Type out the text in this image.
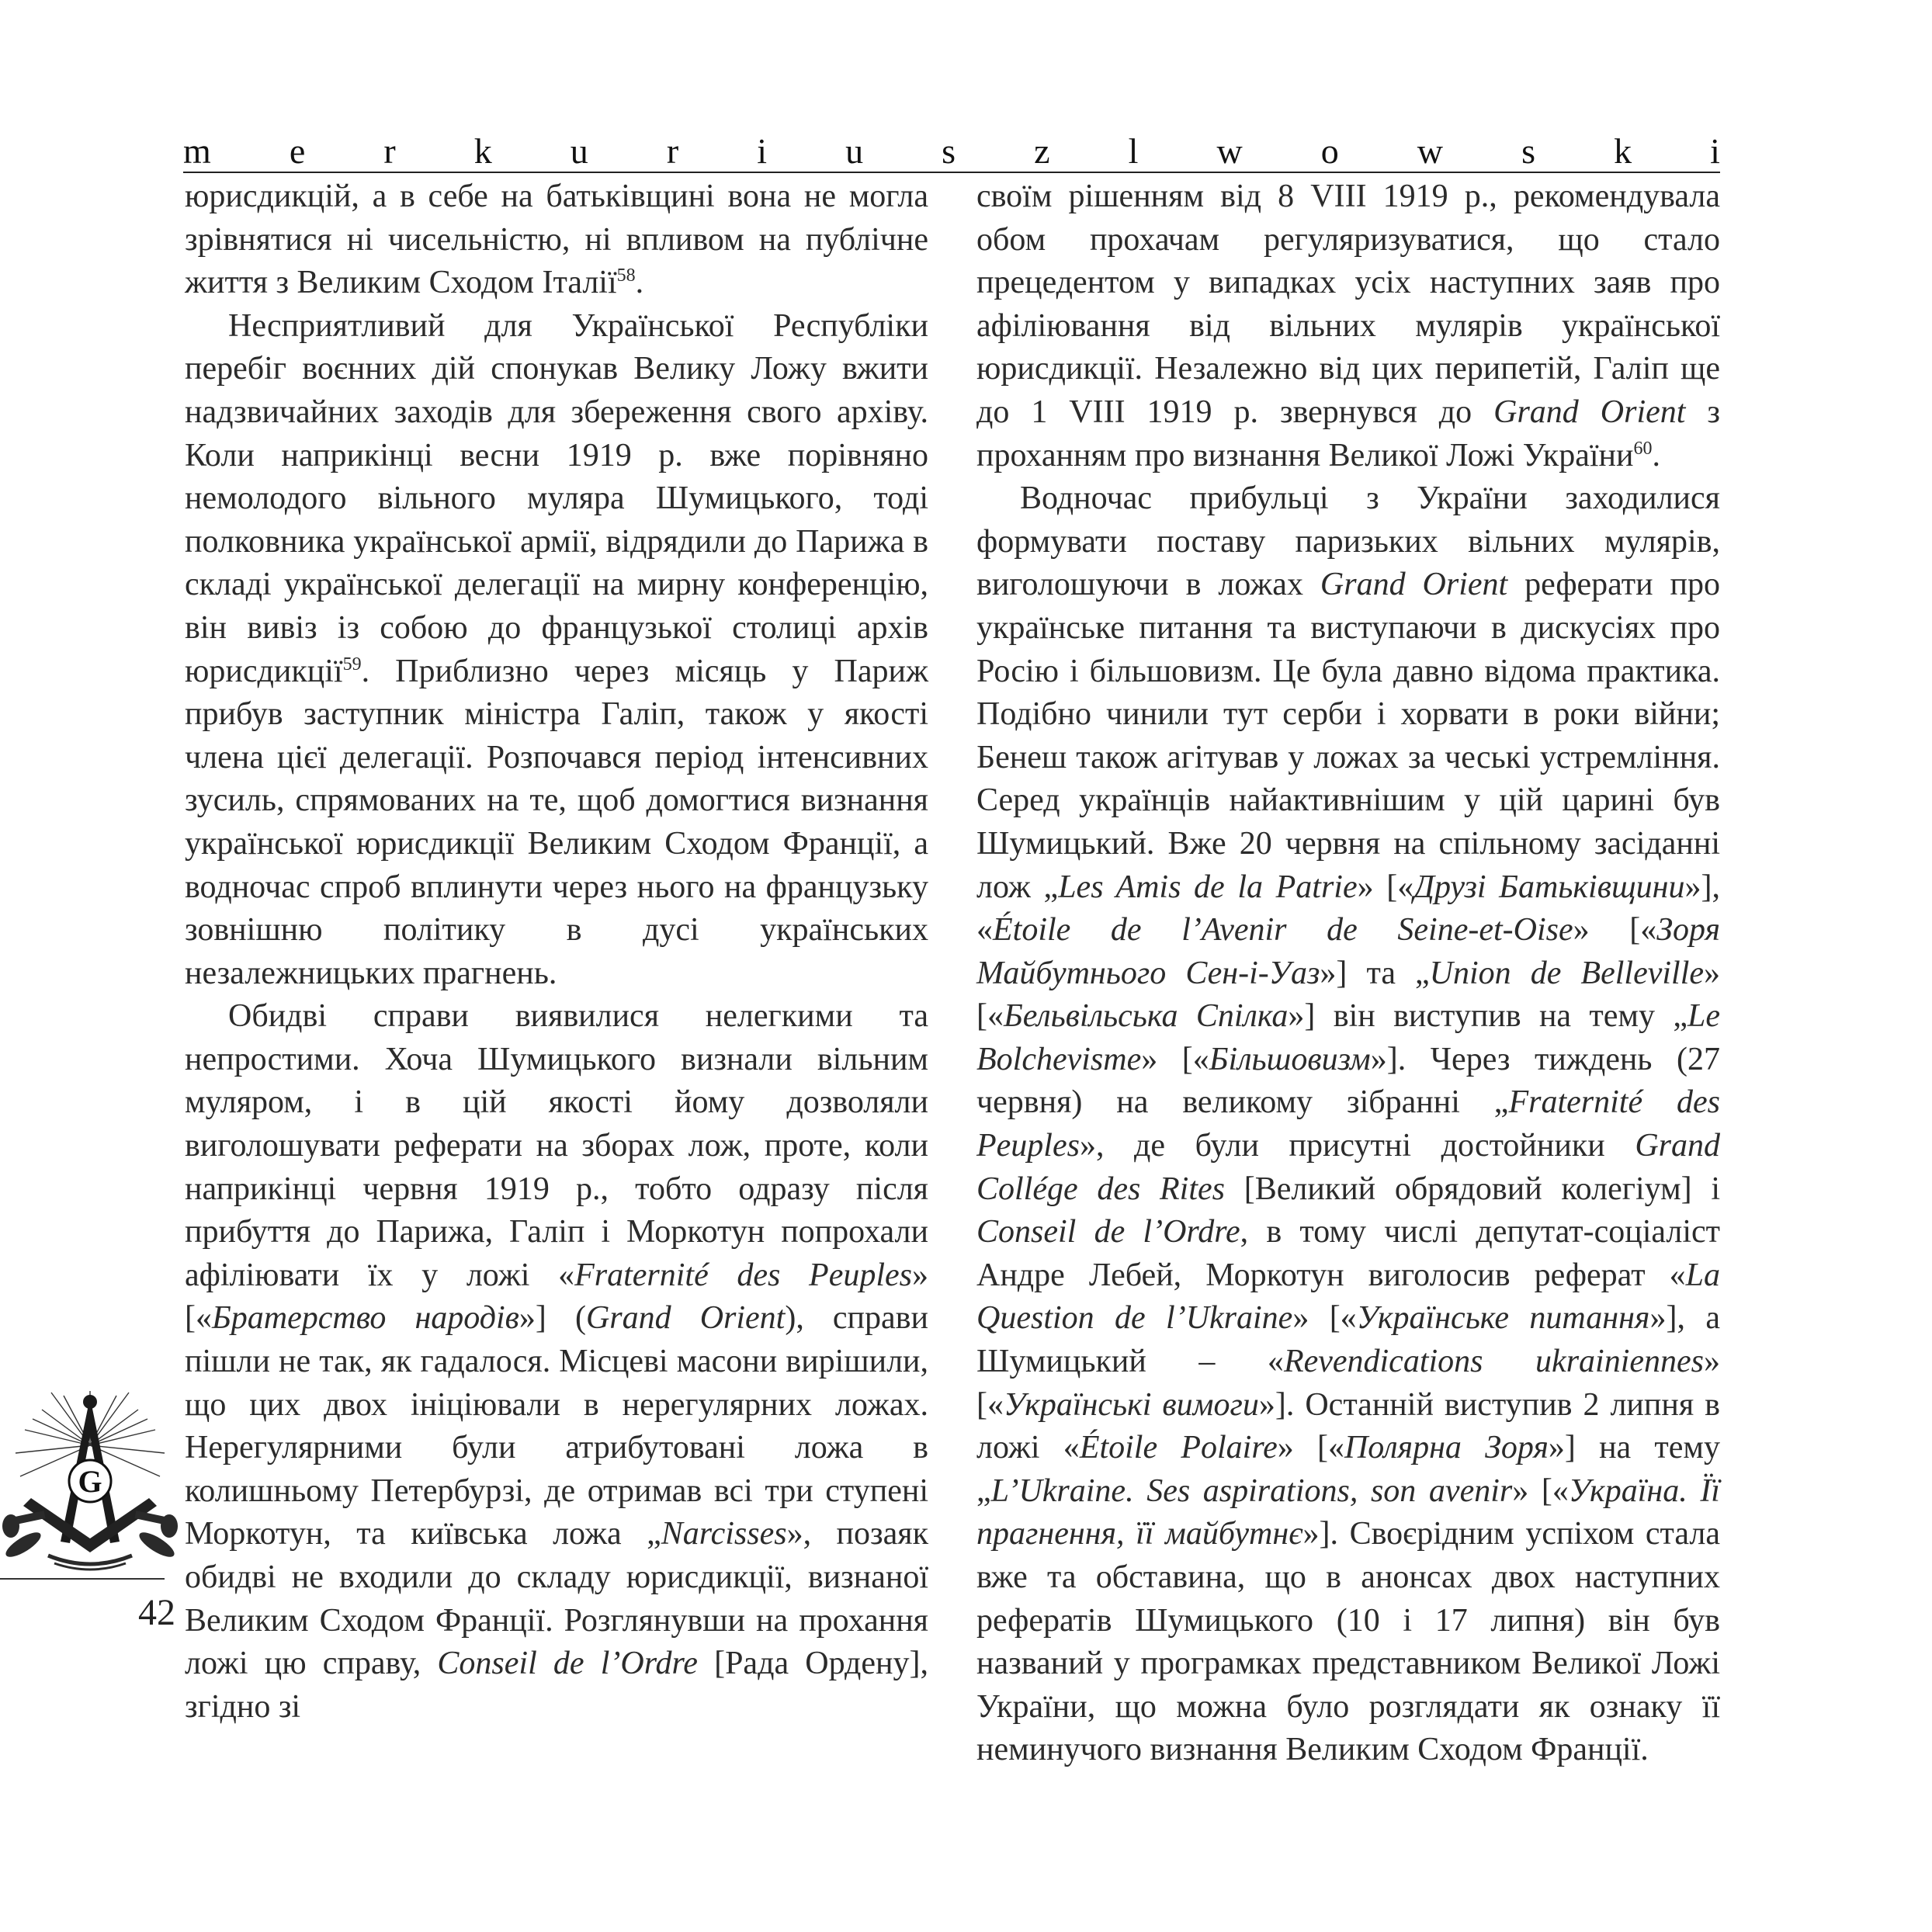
m e r k u r i u s z l w o w s k i

юрисдикцій, а в себе на батьківщині вона не могла зрівнятися ні чисельністю, ні впливом на публічне життя з Великим Сходом Італії$^{58}$.

Несприятливий для Української Республіки перебіг воєнних дій спонукав Велику Ложу вжити надзвичайних заходів для збереження свого архіву. Коли наприкінці весни 1919 р. вже порівняно немолодого вільного муляра Шумицького, тоді полковника української армії, відрядили до Парижа в складі української делегації на мирну конференцію, він вивіз із собою до французької столиці архів юрисдикції$^{59}$. Приблизно через місяць у Париж прибув заступник міністра Галіп, також у якості члена цієї делегації. Розпочався період інтенсивних зусиль, спрямованих на те, щоб домогтися визнання української юрисдикції Великим Сходом Франції, а водночас спроб вплинути через нього на французьку зовнішню політику в дусі українських незалежницьких прагнень.

Обидві справи виявилися нелегкими та непростими. Хоча Шумицького визнали вільним муляром, і в цій якості йому дозволяли виголошувати реферати на зборах лож, проте, коли наприкінці червня 1919 р., тобто одразу після прибуття до Парижа, Галіп і Моркотун попрохали афіліювати їх у ложі «Fraternité des Peuples» [«Братерство народів»] (Grand Orient), справи пішли не так, як гадалося. Місцеві масони вирішили, що цих двох ініціювали в нерегулярних ложах. Нерегулярними були атрибутовані ложа в колишньому Петербурзі, де отримав всі три ступені Моркотун, та київська ложа „Narcisses», позаяк обидві не входили до складу юрисдикції, визнаної Великим Сходом Франції. Розглянувши на прохання ложі цю справу, Conseil de l’Ordre [Рада Ордену], згідно зі

своїм рішенням від 8 VIII 1919 р., рекомендувала обом прохачам регуляризуватися, що стало прецедентом у випадках усіх наступних заяв про афіліювання від вільних мулярів української юрисдикції. Незалежно від цих перипетій, Галіп ще до 1 VIII 1919 р. звернувся до Grand Orient з проханням про визнання Великої Ложі України$^{60}$.

Водночас прибульці з України заходилися формувати поставу паризьких вільних мулярів, виголошуючи в ложах Grand Orient реферати про українське питання та виступаючи в дискусіях про Росію і більшовизм. Це була давно відома практика. Подібно чинили тут серби і хорвати в роки війни; Бенеш також агітував у ложах за чеські устремління. Серед українців найактивнішим у цій царині був Шумицький. Вже 20 червня на спільному засіданні лож „Les Amis de la Patrie» [«Друзі Батьківщини»], «Étoile de l’Avenir de Seine-et-Oise» [«Зоря Майбутнього Сен-і-Уаз»] та „Union de Belleville» [«Бельвільська Спілка»] він виступив на тему „Le Bolchevisme» [«Більшовизм»]. Через тиждень (27 червня) на великому зібранні „Fraternité des Peuples», де були присутні достойники Grand Collége des Rites [Великий обрядовий колегіум] і Conseil de l’Ordre, в тому числі депутат-соціаліст Андре Лебей, Моркотун виголосив реферат «La Question de l’Ukraine» [«Українське питання»], а Шумицький – «Revendications ukrainiennes» [«Українські вимоги»]. Останній виступив 2 липня в ложі «Étoile Polaire» [«Полярна Зоря»] на тему „L’Ukraine. Ses aspirations, son avenir» [«Україна. Її прагнення, її майбутнє»]. Своєрідним успіхом стала вже та обставина, що в анонсах двох наступних рефератів Шумицького (10 і 17 липня) він був названий у програмках представником Великої Ложі України, що можна було розглядати як ознаку її неминучого визнання Великим Сходом Франції.

G
42
